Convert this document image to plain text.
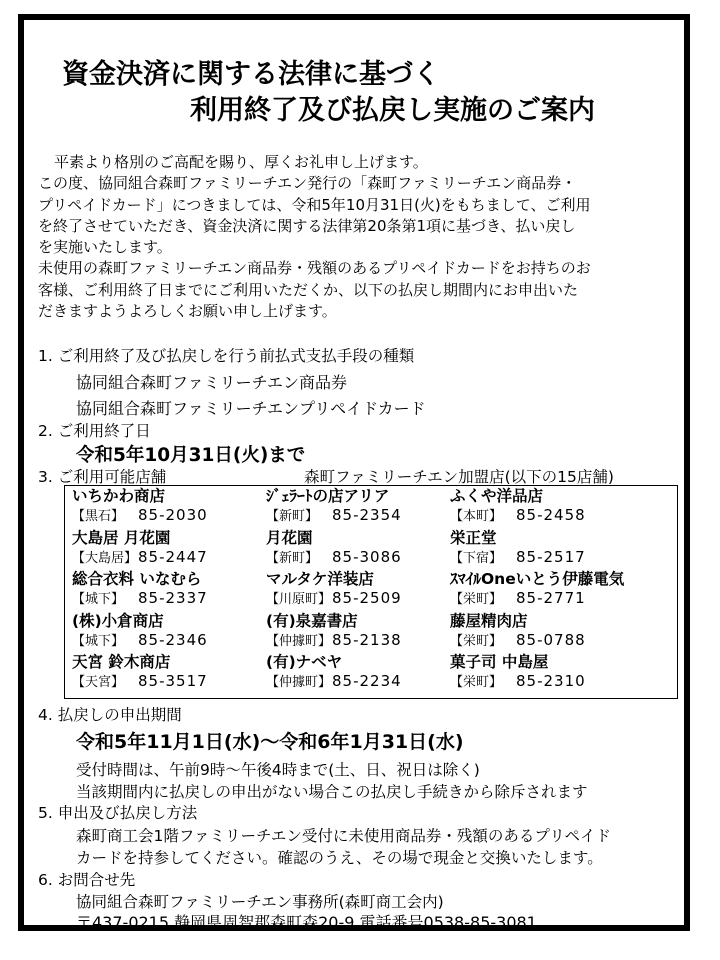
資金決済に関する法律に基づく
利用終了及び払戻し実施のご案内
平素より格別のご高配を賜り、厚くお礼申し上げます。
この度、協同組合森町ファミリーチエン発行の「森町ファミリーチエン商品券・
プリペイドカード」につきましては、令和5年10月31日(火)をもちまして、ご利用
を終了させていただき、資金決済に関する法律第20条第1項に基づき、払い戻し
を実施いたします。
未使用の森町ファミリーチエン商品券・残額のあるプリペイドカードをお持ちのお
客様、ご利用終了日までにご利用いただくか、以下の払戻し期間内にお申出いた
だきますようよろしくお願い申し上げます。
1. ご利用終了及び払戻しを行う前払式支払手段の種類
協同組合森町ファミリーチエン商品券
協同組合森町ファミリーチエンプリペイドカード
2. ご利用終了日
令和5年10月31日(火)まで
3. ご利用可能店舗	森町ファミリーチエン加盟店(以下の15店舗)
いちかわ商店
【黒石】 85-2030
大島居 月花園
【大島居】85-2447
総合衣料 いなむら
【城下】 85-2337
(株)小倉商店
【城下】 85-2346
天宮 鈴木商店
【天宮】 85-3517
ｼﾞｪﾗｰﾄの店アリア
【新町】 85-2354
月花園
【新町】 85-3086
マルタケ洋装店
【川原町】85-2509
(有)泉嘉書店
【仲據町】85-2138
(有)ナベヤ
【仲據町】85-2234
ふくや洋品店
【本町】 85-2458
栄正堂
【下宿】 85-2517
ｽﾏｲﾙOneいとう伊藤電気
【栄町】 85-2771
藤屋精肉店
【栄町】 85-0788
菓子司 中島屋
【栄町】 85-2310
4. 払戻しの申出期間
令和5年11月1日(水)～令和6年1月31日(水)
受付時間は、午前9時～午後4時まで(土、日、祝日は除く)
当該期間内に払戻しの申出がない場合この払戻し手続きから除斥されます
5. 申出及び払戻し方法
森町商工会1階ファミリーチエン受付に未使用商品券・残額のあるプリペイド
カードを持参してください。確認のうえ、その場で現金と交換いたします。
6. お問合せ先
協同組合森町ファミリーチエン事務所(森町商工会内)
〒437-0215 静岡県周智郡森町森20-9 電話番号0538-85-3081
